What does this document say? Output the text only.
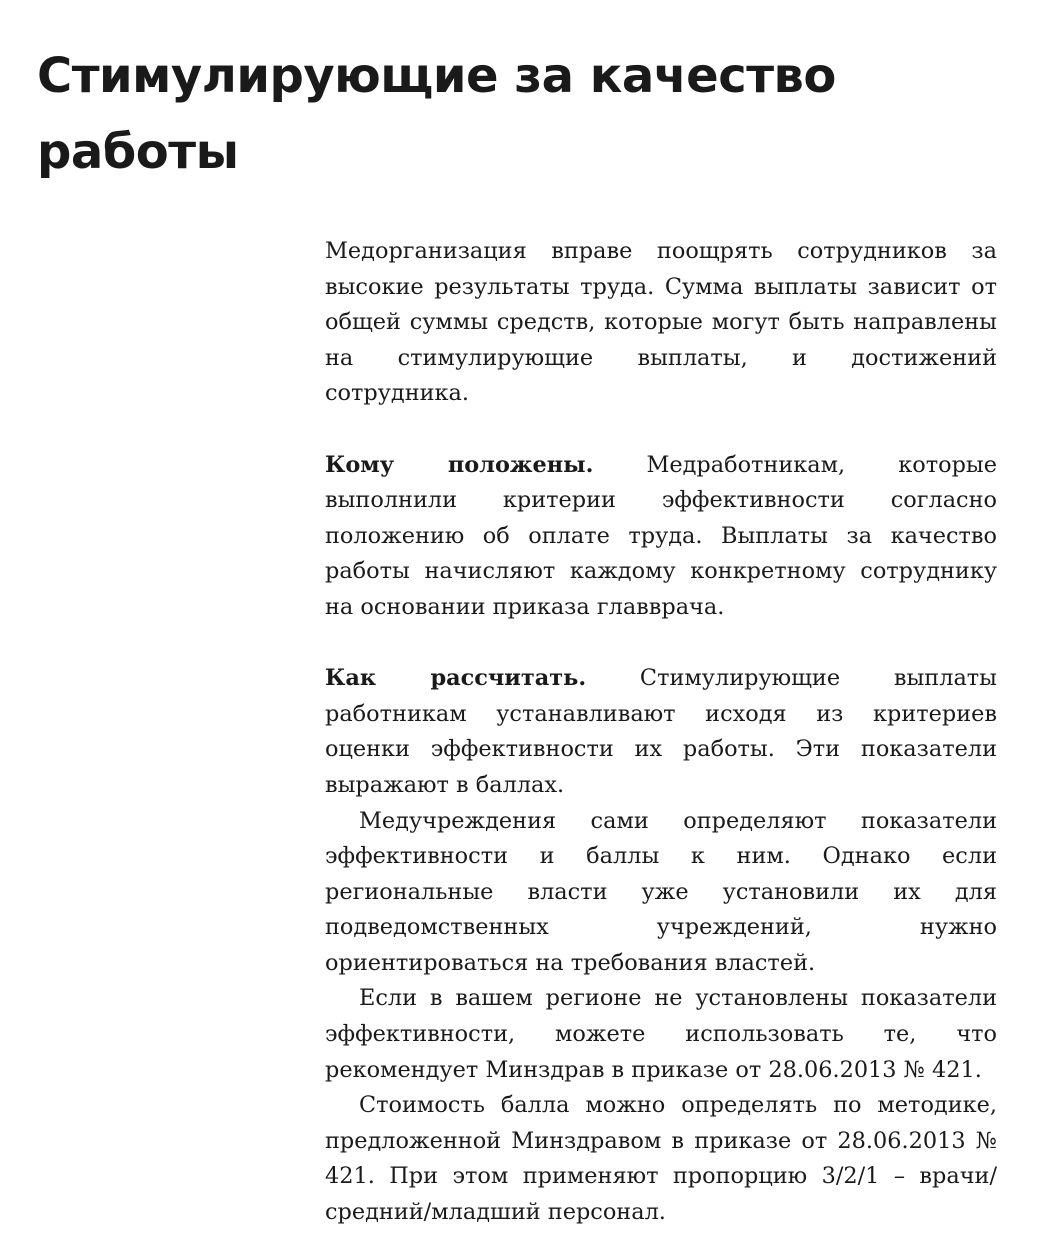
Стимулирующие за качество работы

Медорганизация вправе поощрять сотрудников за высокие результаты труда. Сумма выплаты зависит от общей суммы средств, которые могут быть направлены на стимулирующие выплаты, и достижений сотрудника.

Кому положены. Медработникам, которые выполнили критерии эффективности согласно положению об оплате труда. Выплаты за качество работы начисляют каждому конкретному сотруднику на основании приказа главврача.

Как рассчитать. Стимулирующие выплаты работникам устанавливают исходя из критериев оценки эффективности их работы. Эти показатели выражают в баллах.

Медучреждения сами определяют показатели эффективности и баллы к ним. Однако если региональные власти уже установили их для подведомственных учреждений, нужно ориентироваться на требования властей.

Если в вашем регионе не установлены показатели эффективности, можете использовать те, что рекомендует Минздрав в приказе от 28.06.2013 № 421.

Стоимость балла можно определять по методике, предложенной Минздравом в приказе от 28.06.2013 № 421. При этом применяют пропорцию 3/2/1 – врачи/средний/младший персонал.
